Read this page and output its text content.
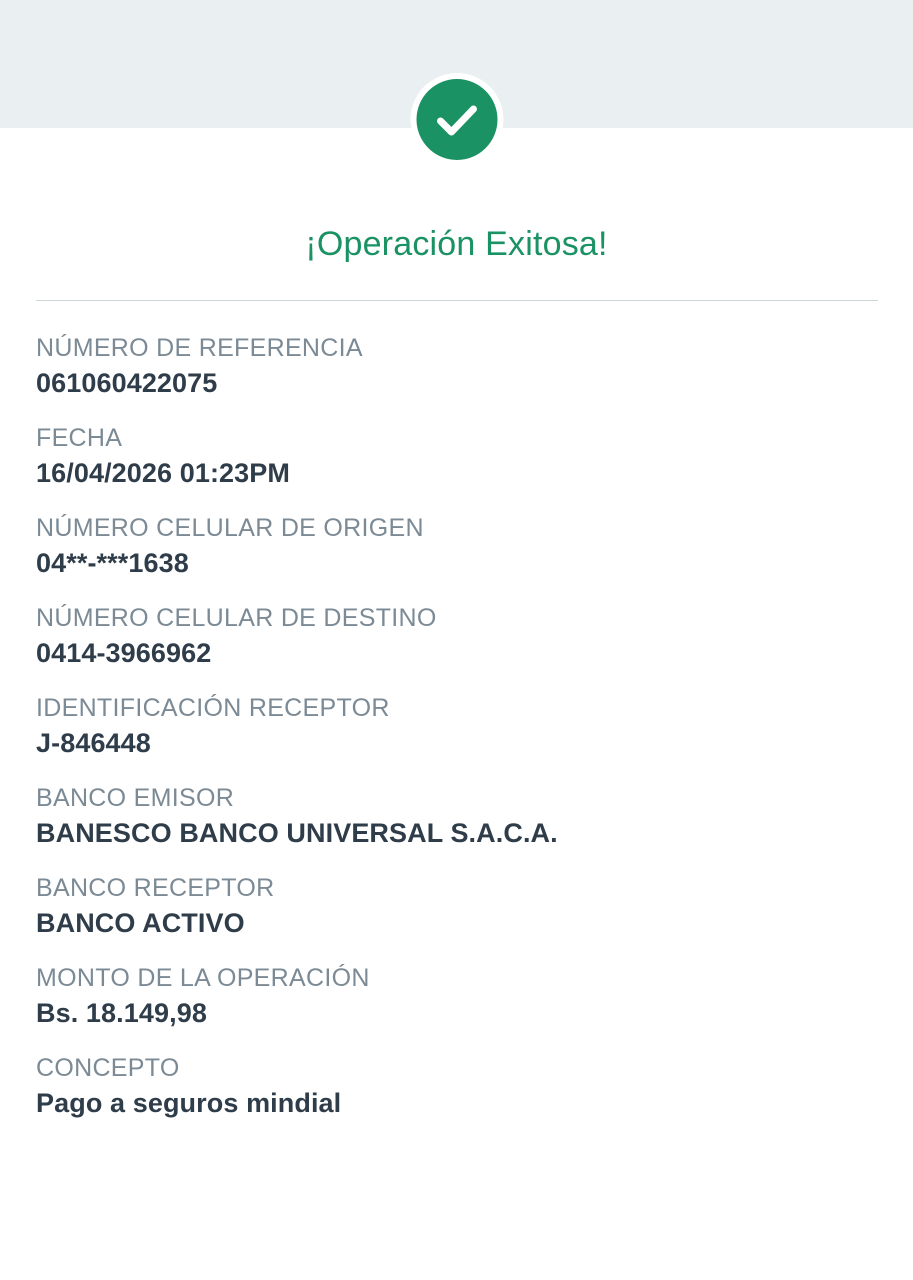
¡Operación Exitosa!
NÚMERO DE REFERENCIA
061060422075
FECHA
16/04/2026 01:23PM
NÚMERO CELULAR DE ORIGEN
04**-***1638
NÚMERO CELULAR DE DESTINO
0414-3966962
IDENTIFICACIÓN RECEPTOR
J-846448
BANCO EMISOR
BANESCO BANCO UNIVERSAL S.A.C.A.
BANCO RECEPTOR
BANCO ACTIVO
MONTO DE LA OPERACIÓN
Bs. 18.149,98
CONCEPTO
Pago a seguros mindial
